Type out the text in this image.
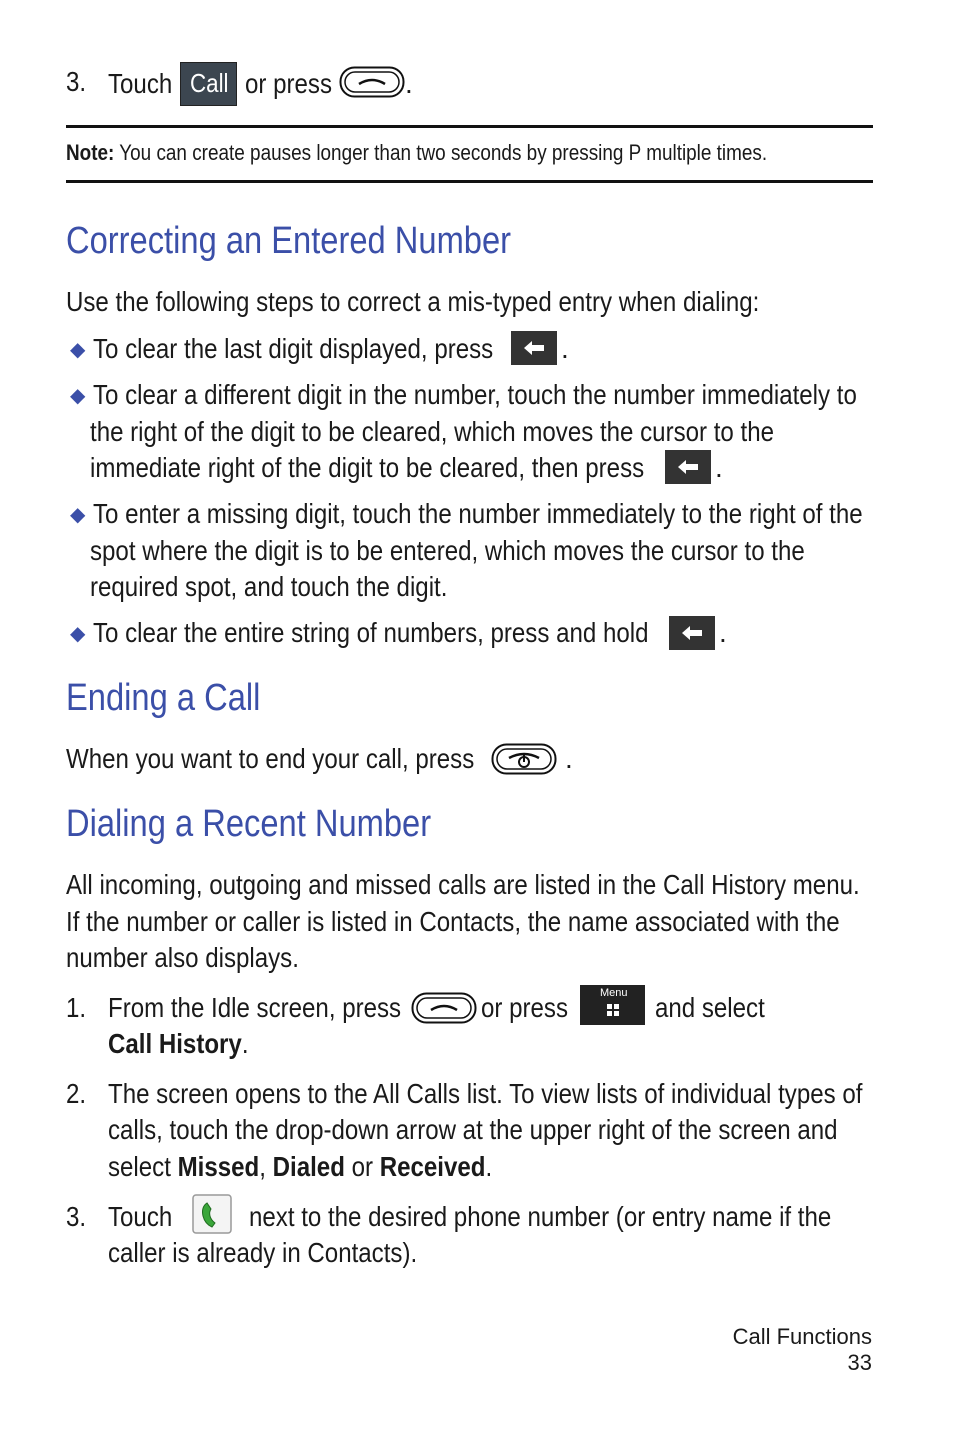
3. Touch Call or press	.
Note: You can create pauses longer than two seconds by pressing P multiple times.
Correcting an Entered Number
Use the following steps to correct a mis-typed entry when dialing:
◆ To clear the last digit displayed, press	.
◆ To clear a different digit in the number, touch the number immediately to
the right of the digit to be cleared, which moves the cursor to the
immediate right of the digit to be cleared, then press	.
◆ To enter a missing digit, touch the number immediately to the right of the
spot where the digit is to be entered, which moves the cursor to the
required spot, and touch the digit.
◆ To clear the entire string of numbers, press and hold	.
Ending a Call
When you want to end your call, press	.
Dialing a Recent Number
All incoming, outgoing and missed calls are listed in the Call History menu.
If the number or caller is listed in Contacts, the name associated with the
number also displays.
1. From the Idle screen, press	or press	Menu and select
Call History.
2. The screen opens to the All Calls list. To view lists of individual types of
calls, touch the drop-down arrow at the upper right of the screen and
select Missed, Dialed or Received.
3. Touch	next to the desired phone number (or entry name if the
caller is already in Contacts).
Call Functions
33
